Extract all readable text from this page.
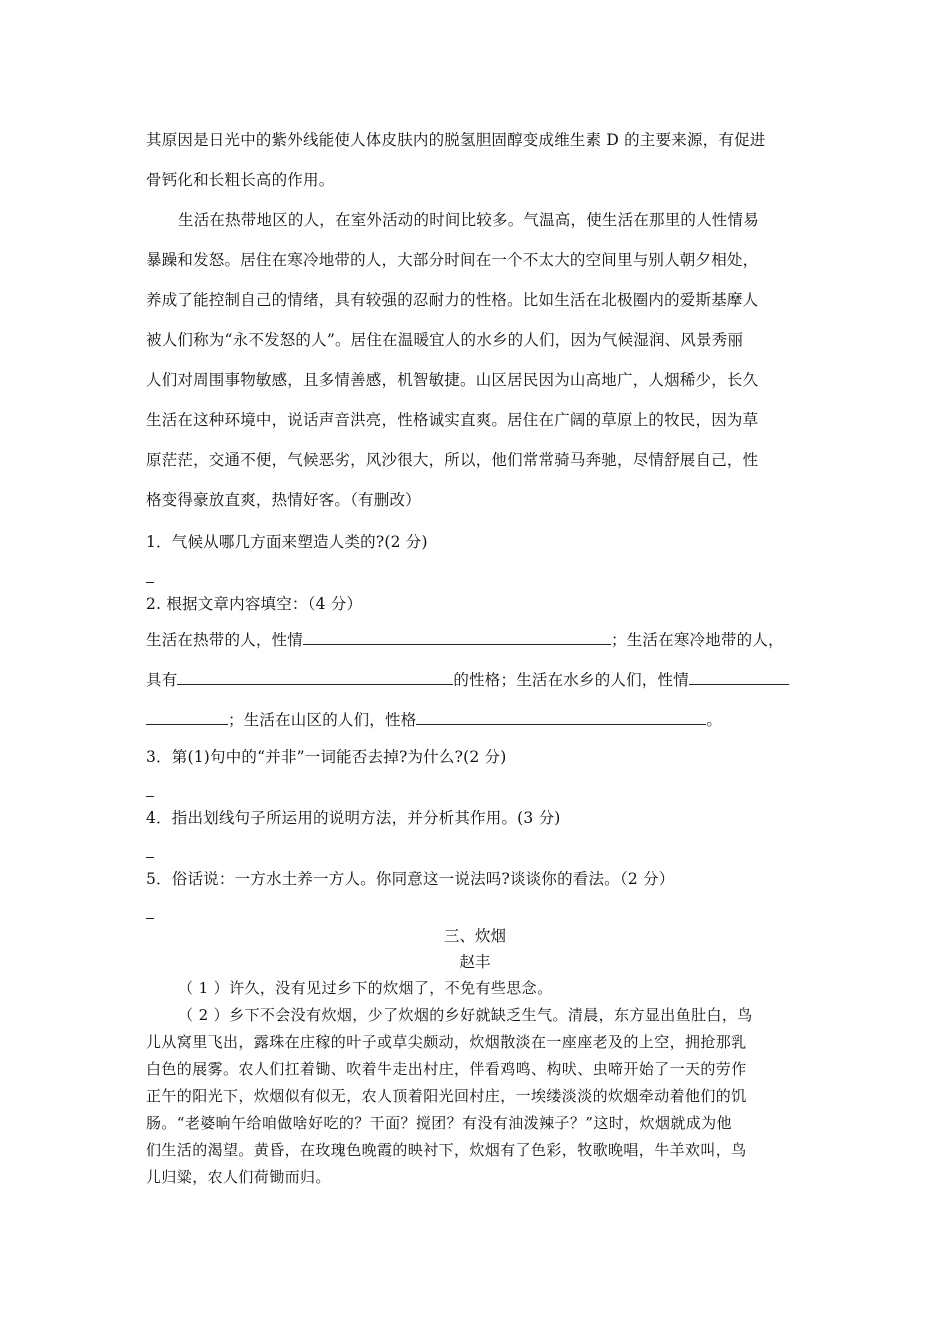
其原因是日光中的紫外线能使人体皮肤内的脱氢胆固醇变成维生素 D 的主要来源，有促进
骨钙化和长粗长高的作用。
生活在热带地区的人，在室外活动的时间比较多。气温高，使生活在那里的人性情易
暴躁和发怒。居住在寒冷地带的人，大部分时间在一个不太大的空间里与别人朝夕相处，
养成了能控制自己的情绪，具有较强的忍耐力的性格。比如生活在北极圈内的爱斯基摩人
被人们称为“永不发怒的人”。居住在温暖宜人的水乡的人们，因为气候湿润、风景秀丽
人们对周围事物敏感，且多情善感，机智敏捷。山区居民因为山高地广，人烟稀少，长久
生活在这种环境中，说话声音洪亮，性格诚实直爽。居住在广阔的草原上的牧民，因为草
原茫茫，交通不便，气候恶劣，风沙很大，所以，他们常常骑马奔驰，尽情舒展自己，性
格变得豪放直爽，热情好客。（有删改）
1．气候从哪几方面来塑造人类的?(2 分)
2. 根据文章内容填空：（4 分）
生活在热带的人，性情	；生活在寒冷地带的人，
具有	的性格；生活在水乡的人们，性情
；生活在山区的人们，性格	。
3．第(1)句中的“并非”一词能否去掉?为什么?(2 分)
4．指出划线句子所运用的说明方法，并分析其作用。(3 分)
5．俗话说：一方水土养一方人。你同意这一说法吗?谈谈你的看法。（2 分）
三、炊烟
赵丰
（ 1 ）许久，没有见过乡下的炊烟了，不免有些思念。
（ 2 ）乡下不会没有炊烟，少了炊烟的乡好就缺乏生气。清晨，东方显出鱼肚白，鸟
儿从窝里飞出，露珠在庄稼的叶子或草尖颇动，炊烟散淡在一座座老及的上空，拥抢那乳
白色的展雾。农人们扛着锄、吹着牛走出村庄，伴看鸡鸣、构吠、虫啼开始了一天的劳作
正午的阳光下，炊烟似有似无，农人顶着阳光回村庄，一埃缕淡淡的炊烟牵动着他们的饥
肠。“老婆晌午给咱做啥好吃的？干面？搅团？有没有油泼辣子？”这时，炊烟就成为他
们生活的渴望。黄昏，在玫瑰色晚霞的映衬下，炊烟有了色彩，牧歌晚唱，牛羊欢叫，鸟
儿归粱，农人们荷锄而归。
